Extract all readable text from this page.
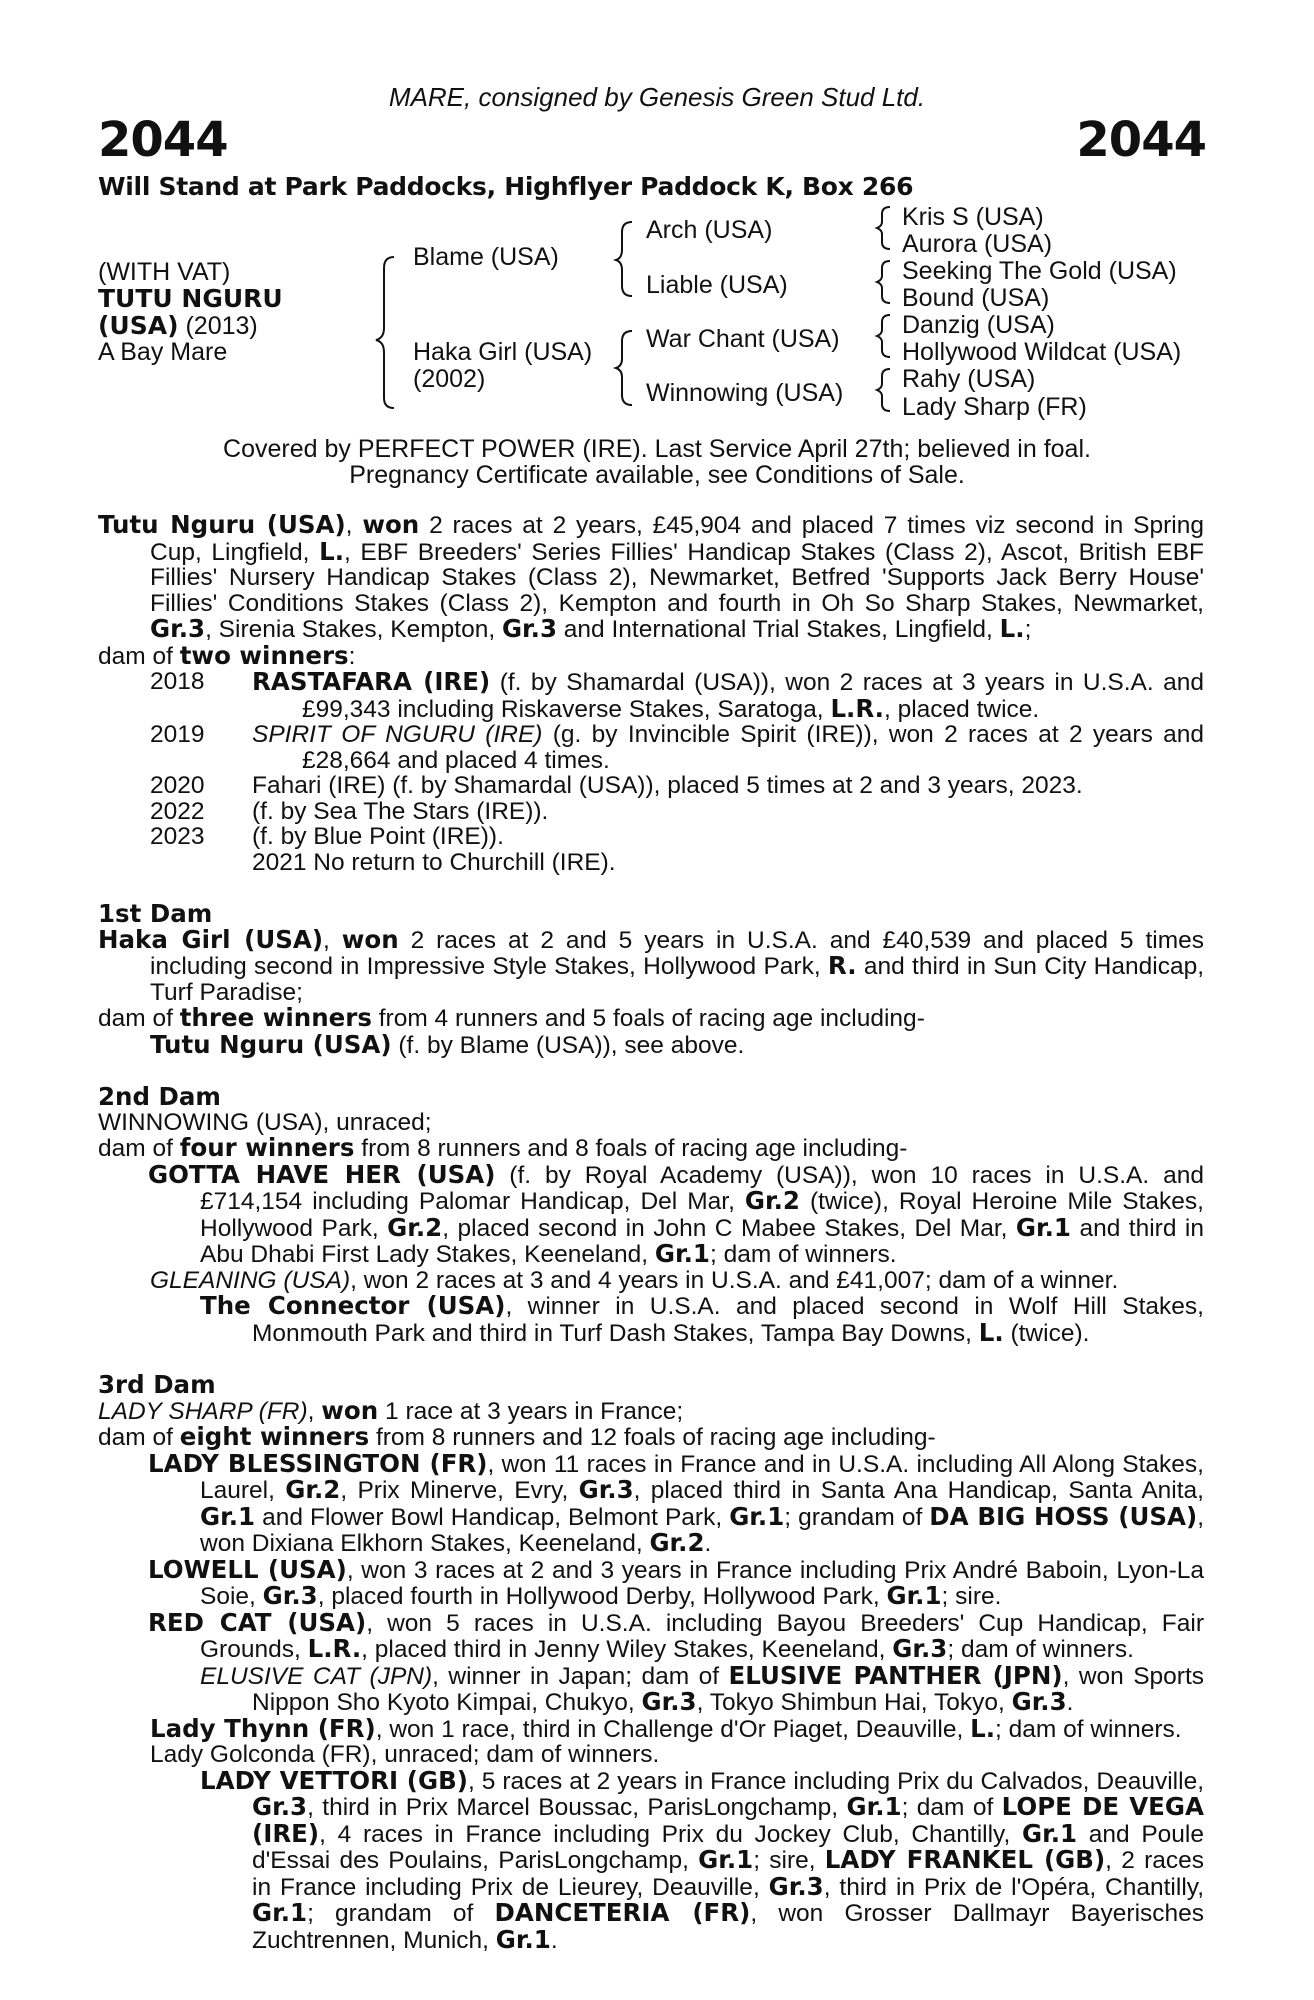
MARE, consigned by Genesis Green Stud Ltd.
2044	2044
Will Stand at Park Paddocks, Highflyer Paddock K, Box 266
(WITH VAT)
TUTU NGURU
(USA) (2013)
A Bay Mare
Blame (USA)
Haka Girl (USA)
(2002)
Arch (USA)
Liable (USA)
War Chant (USA)
Winnowing (USA)
Kris S (USA)
Aurora (USA)
Seeking The Gold (USA)
Bound (USA)
Danzig (USA)
Hollywood Wildcat (USA)
Rahy (USA)
Lady Sharp (FR)
Covered by PERFECT POWER (IRE). Last Service April 27th; believed in foal.
Pregnancy Certificate available, see Conditions of Sale.

Tutu Nguru (USA), won 2 races at 2 years, £45,904 and placed 7 times viz second in Spring Cup, Lingfield, L., EBF Breeders' Series Fillies' Handicap Stakes (Class 2), Ascot, British EBF Fillies' Nursery Handicap Stakes (Class 2), Newmarket, Betfred 'Supports Jack Berry House' Fillies' Conditions Stakes (Class 2), Kempton and fourth in Oh So Sharp Stakes, Newmarket, Gr.3, Sirenia Stakes, Kempton, Gr.3 and International Trial Stakes, Lingfield, L.;

dam of two winners:

2018	RASTAFARA (IRE) (f. by Shamardal (USA)), won 2 races at 3 years in U.S.A. and £99,343 including Riskaverse Stakes, Saratoga, L.R., placed twice.
2019	SPIRIT OF NGURU (IRE) (g. by Invincible Spirit (IRE)), won 2 races at 2 years and £28,664 and placed 4 times.
2020	Fahari (IRE) (f. by Shamardal (USA)), placed 5 times at 2 and 3 years, 2023.
2022	(f. by Sea The Stars (IRE)).
2023	(f. by Blue Point (IRE)).
2021 No return to Churchill (IRE).

1st Dam

Haka Girl (USA), won 2 races at 2 and 5 years in U.S.A. and £40,539 and placed 5 times including second in Impressive Style Stakes, Hollywood Park, R. and third in Sun City Handicap, Turf Paradise;

dam of three winners from 4 runners and 5 foals of racing age including-

Tutu Nguru (USA) (f. by Blame (USA)), see above.

2nd Dam

WINNOWING (USA), unraced;

dam of four winners from 8 runners and 8 foals of racing age including-

GOTTA HAVE HER (USA) (f. by Royal Academy (USA)), won 10 races in U.S.A. and £714,154 including Palomar Handicap, Del Mar, Gr.2 (twice), Royal Heroine Mile Stakes, Hollywood Park, Gr.2, placed second in John C Mabee Stakes, Del Mar, Gr.1 and third in Abu Dhabi First Lady Stakes, Keeneland, Gr.1; dam of winners.

GLEANING (USA), won 2 races at 3 and 4 years in U.S.A. and £41,007; dam of a winner.

The Connector (USA), winner in U.S.A. and placed second in Wolf Hill Stakes, Monmouth Park and third in Turf Dash Stakes, Tampa Bay Downs, L. (twice).

3rd Dam

LADY SHARP (FR), won 1 race at 3 years in France;

dam of eight winners from 8 runners and 12 foals of racing age including-

LADY BLESSINGTON (FR), won 11 races in France and in U.S.A. including All Along Stakes, Laurel, Gr.2, Prix Minerve, Evry, Gr.3, placed third in Santa Ana Handicap, Santa Anita, Gr.1 and Flower Bowl Handicap, Belmont Park, Gr.1; grandam of DA BIG HOSS (USA), won Dixiana Elkhorn Stakes, Keeneland, Gr.2.

LOWELL (USA), won 3 races at 2 and 3 years in France including Prix André Baboin, Lyon-La Soie, Gr.3, placed fourth in Hollywood Derby, Hollywood Park, Gr.1; sire.

RED CAT (USA), won 5 races in U.S.A. including Bayou Breeders' Cup Handicap, Fair Grounds, L.R., placed third in Jenny Wiley Stakes, Keeneland, Gr.3; dam of winners.

ELUSIVE CAT (JPN), winner in Japan; dam of ELUSIVE PANTHER (JPN), won Sports Nippon Sho Kyoto Kimpai, Chukyo, Gr.3, Tokyo Shimbun Hai, Tokyo, Gr.3.

Lady Thynn (FR), won 1 race, third in Challenge d'Or Piaget, Deauville, L.; dam of winners.

Lady Golconda (FR), unraced; dam of winners.

LADY VETTORI (GB), 5 races at 2 years in France including Prix du Calvados, Deauville, Gr.3, third in Prix Marcel Boussac, ParisLongchamp, Gr.1; dam of LOPE DE VEGA (IRE), 4 races in France including Prix du Jockey Club, Chantilly, Gr.1 and Poule d'Essai des Poulains, ParisLongchamp, Gr.1; sire, LADY FRANKEL (GB), 2 races in France including Prix de Lieurey, Deauville, Gr.3, third in Prix de l'Opéra, Chantilly, Gr.1; grandam of DANCETERIA (FR), won Grosser Dallmayr Bayerisches Zuchtrennen, Munich, Gr.1.
